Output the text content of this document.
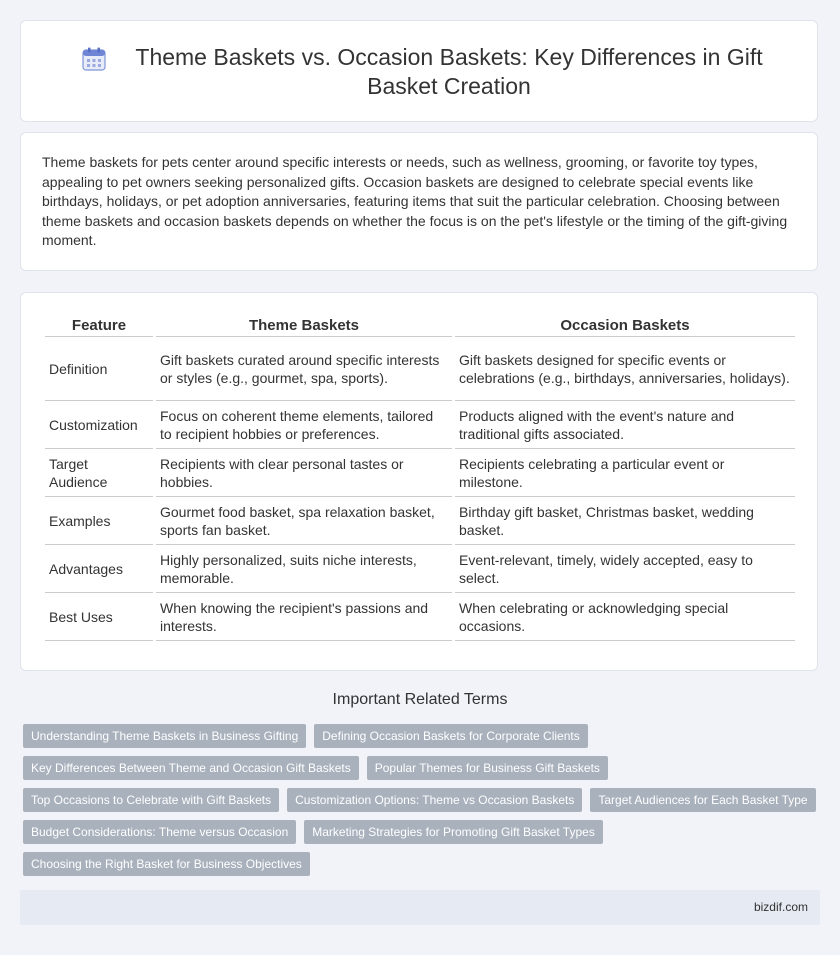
Theme Baskets vs. Occasion Baskets: Key Differences in Gift Basket Creation

Theme baskets for pets center around specific interests or needs, such as wellness, grooming, or favorite toy types, appealing to pet owners seeking personalized gifts. Occasion baskets are designed to celebrate special events like birthdays, holidays, or pet adoption anniversaries, featuring items that suit the particular celebration. Choosing between theme baskets and occasion baskets depends on whether the focus is on the pet's lifestyle or the timing of the gift-giving moment.

Feature	Theme Baskets	Occasion Baskets
Definition	Gift baskets curated around specific interests or styles (e.g., gourmet, spa, sports).	Gift baskets designed for specific events or celebrations (e.g., birthdays, anniversaries, holidays).
Customization	Focus on coherent theme elements, tailored to recipient hobbies or preferences.	Products aligned with the event's nature and traditional gifts associated.
Target Audience	Recipients with clear personal tastes or hobbies.	Recipients celebrating a particular event or milestone.
Examples	Gourmet food basket, spa relaxation basket, sports fan basket.	Birthday gift basket, Christmas basket, wedding basket.
Advantages	Highly personalized, suits niche interests, memorable.	Event-relevant, timely, widely accepted, easy to select.
Best Uses	When knowing the recipient's passions and interests.	When celebrating or acknowledging special occasions.
Important Related Terms
Understanding Theme Baskets in Business Gifting	Defining Occasion Baskets for Corporate Clients
Key Differences Between Theme and Occasion Gift Baskets	Popular Themes for Business Gift Baskets
Top Occasions to Celebrate with Gift Baskets	Customization Options: Theme vs Occasion Baskets	Target Audiences for Each Basket Type
Budget Considerations: Theme versus Occasion	Marketing Strategies for Promoting Gift Basket Types
Choosing the Right Basket for Business Objectives
bizdif.com
